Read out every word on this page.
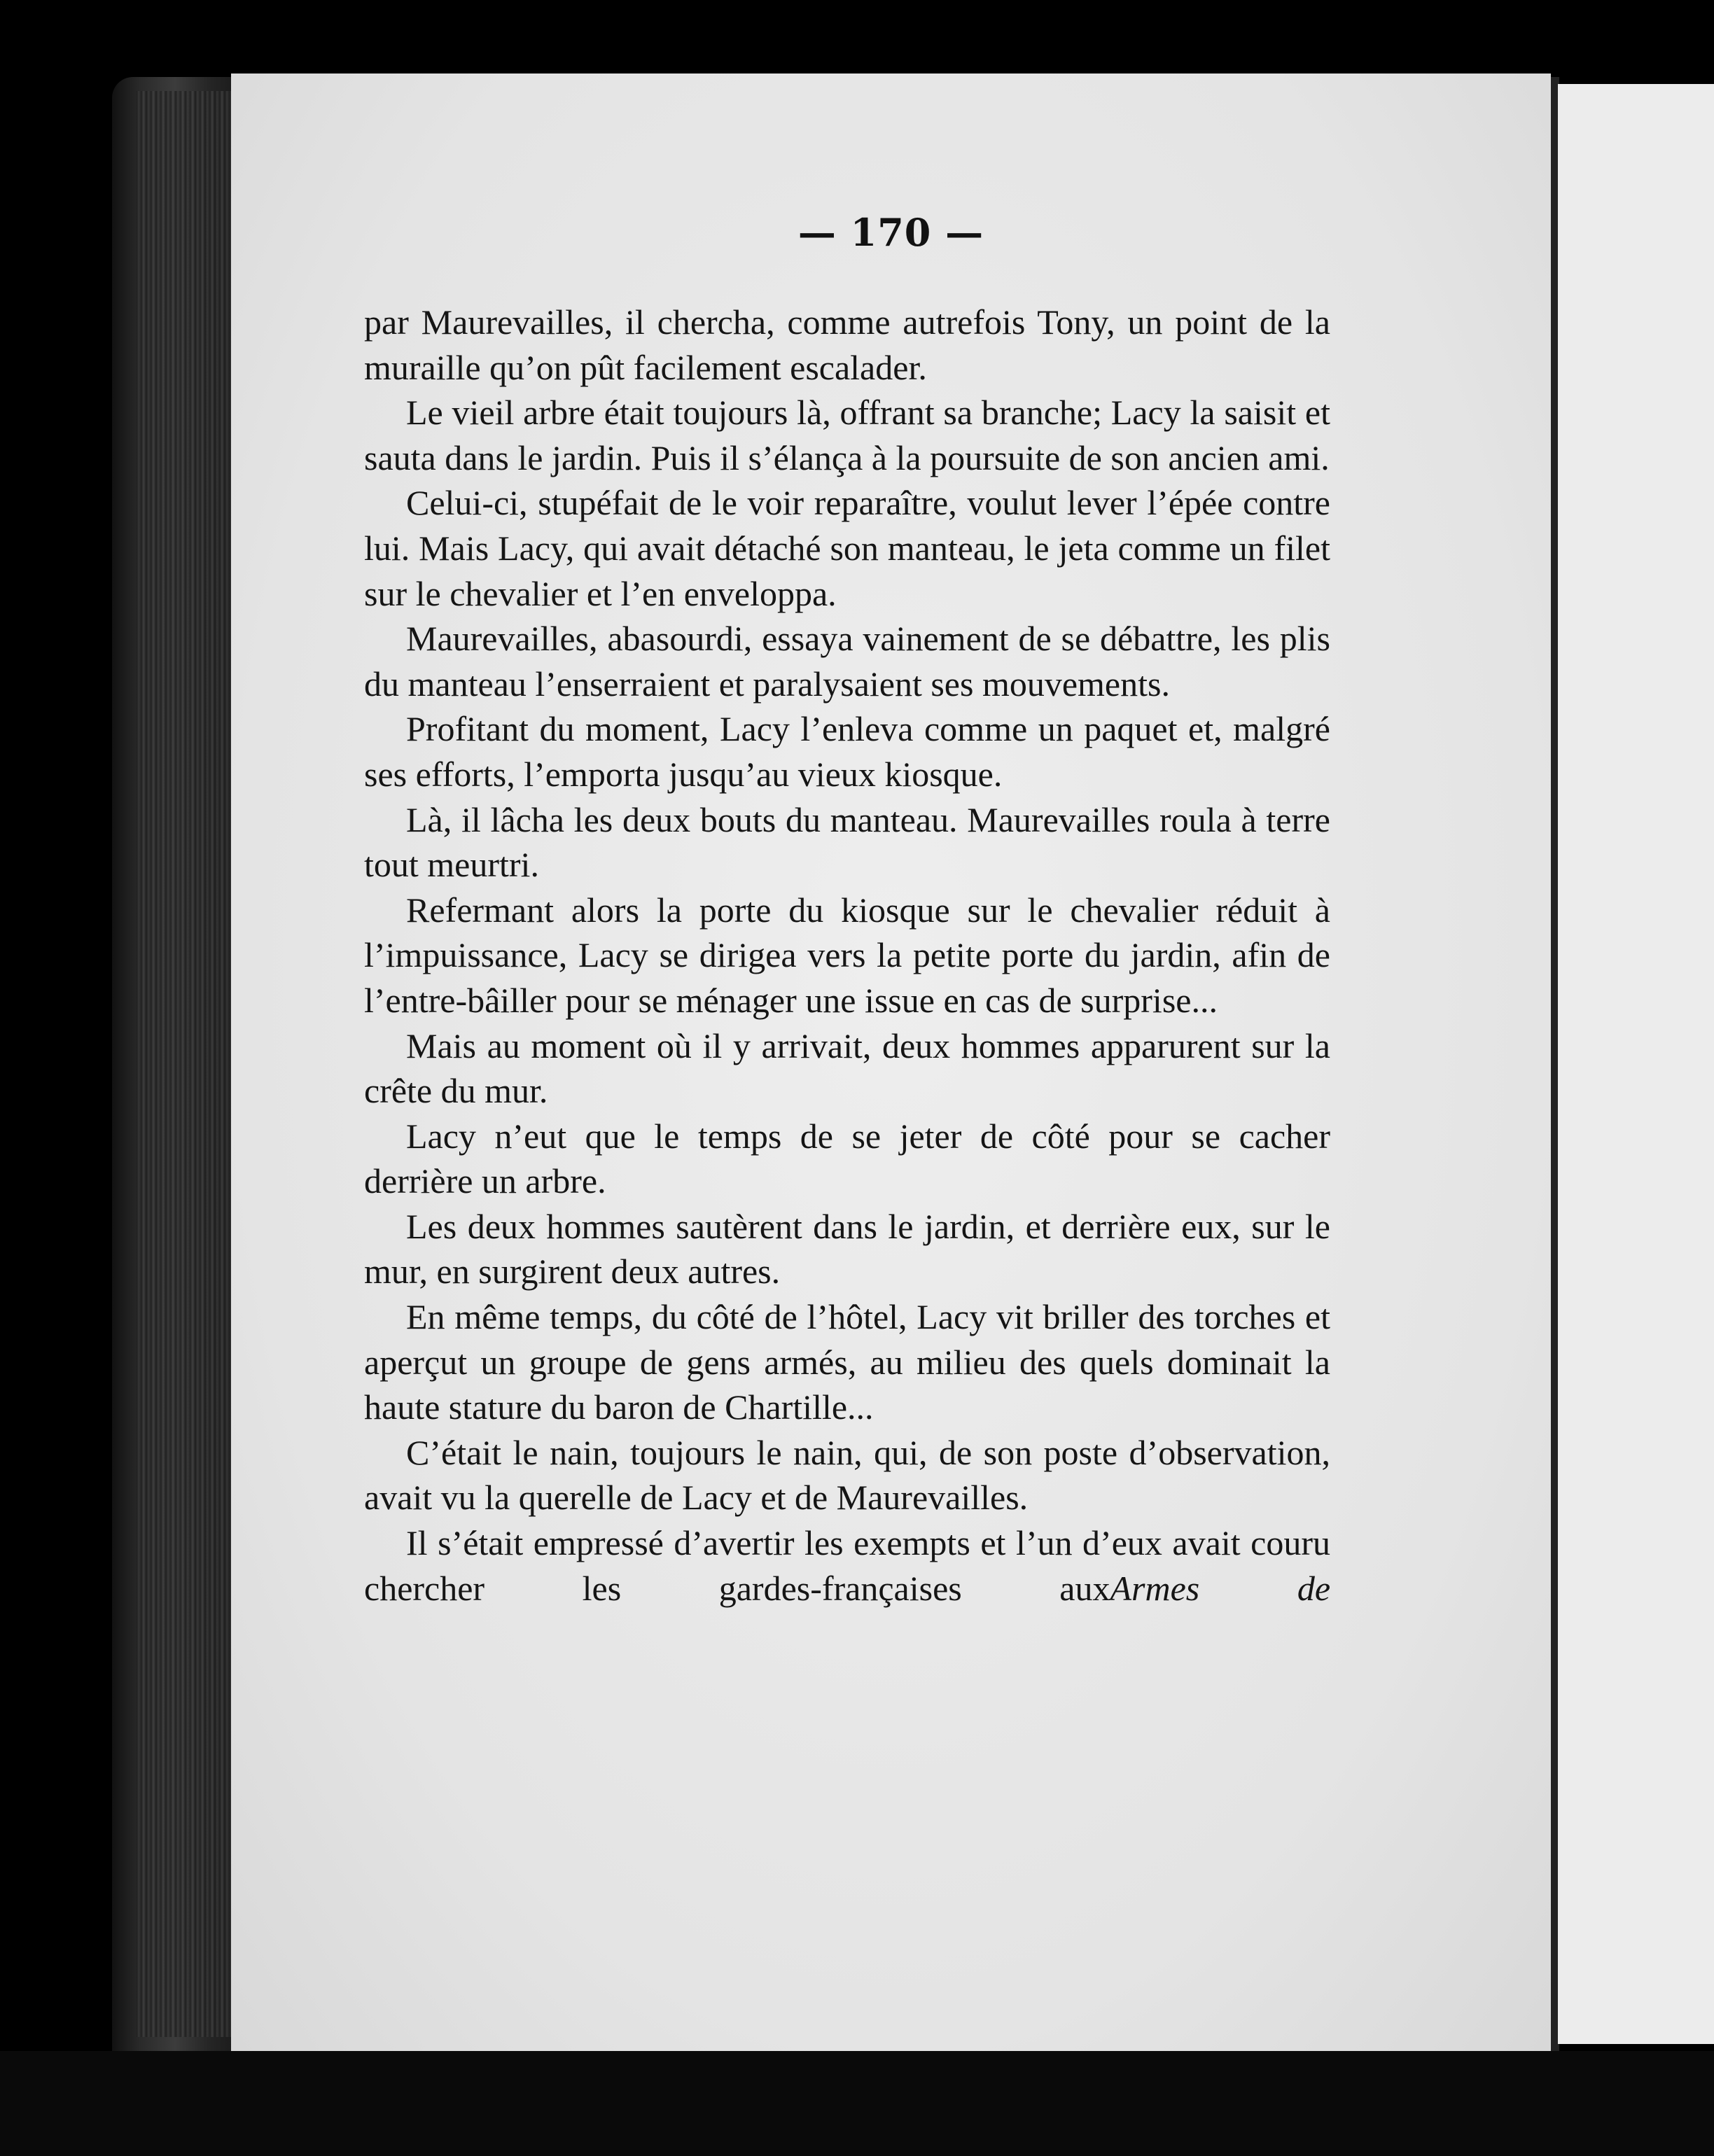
— 170 —

par Maurevailles, il chercha, comme autrefois Tony, un point de la muraille qu’on pût facilement escalader.

Le vieil arbre était toujours là, offrant sa branche; Lacy la saisit et sauta dans le jardin. Puis il s’élança à la poursuite de son ancien ami.

Celui-ci, stupéfait de le voir reparaître, voulut lever l’épée contre lui. Mais Lacy, qui avait détaché son manteau, le jeta comme un filet sur le chevalier et l’en enveloppa.

Maurevailles, abasourdi, essaya vainement de se débattre, les plis du manteau l’enserraient et paralysaient ses mouvements.

Profitant du moment, Lacy l’enleva comme un paquet et, malgré ses efforts, l’emporta jusqu’au vieux kiosque.

Là, il lâcha les deux bouts du manteau. Maurevailles roula à terre tout meurtri.

Refermant alors la porte du kiosque sur le chevalier réduit à l’impuissance, Lacy se dirigea vers la petite porte du jardin, afin de l’entre-bâiller pour se ménager une issue en cas de surprise...

Mais au moment où il y arrivait, deux hommes apparurent sur la crête du mur.

Lacy n’eut que le temps de se jeter de côté pour se cacher derrière un arbre.

Les deux hommes sautèrent dans le jardin, et derrière eux, sur le mur, en surgirent deux autres.

En même temps, du côté de l’hôtel, Lacy vit briller des torches et aperçut un groupe de gens armés, au milieu des quels dominait la haute stature du baron de Chartille...

C’était le nain, toujours le nain, qui, de son poste d’observation, avait vu la querelle de Lacy et de Maurevailles.

Il s’était empressé d’avertir les exempts et l’un d’eux avait couru chercher les gardes-françaises auxArmes de
